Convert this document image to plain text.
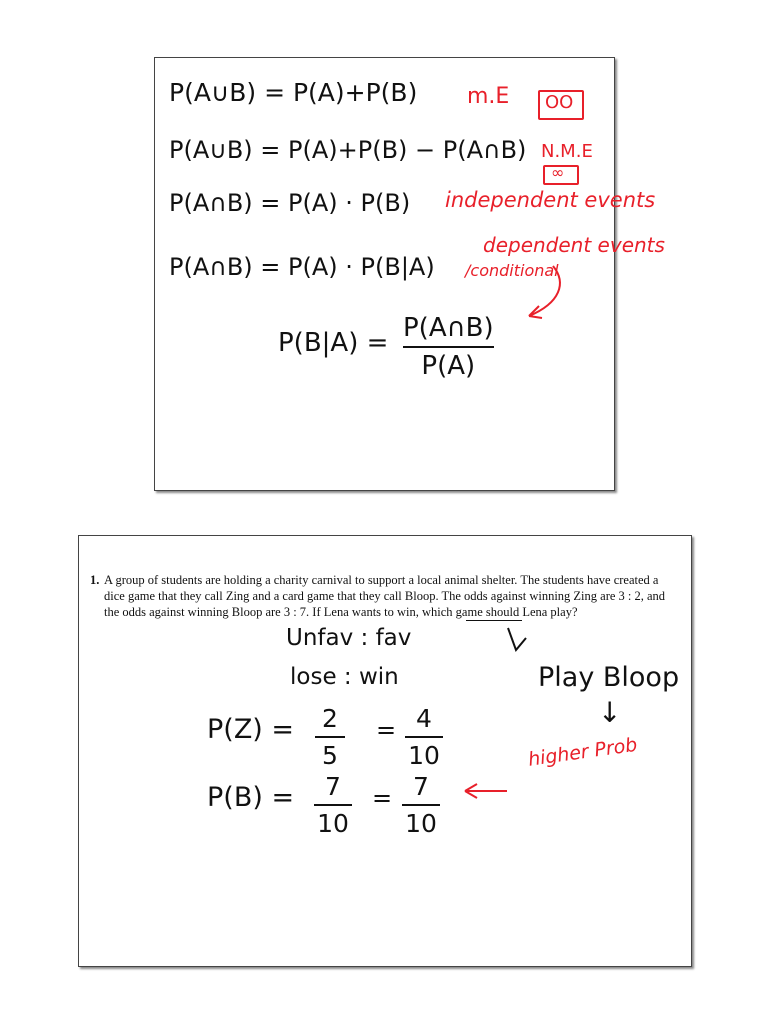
P(A∪B) = P(A)+P(B) m.E OO
P(A∪B) = P(A)+P(B) − P(A∩B) N.M.E
∞
P(A∩B) = P(A) · P(B) independent events
P(A∩B) = P(A) · P(B|A)
dependent events
/conditional
P(B|A) = P(A∩B)
P(A)
1. A group of students are holding a charity carnival to support a local animal shelter. The students have created a dice game that they call Zing and a card game that they call Bloop. The odds against winning Zing are 3 : 2, and the odds against winning Bloop are 3 : 7. If Lena wants to win, which game should Lena play?
Unfav : fav
lose : win	Play Bloop
↓
higher Prob
P(Z) = 2
5
= 4
10
P(B) =	7
10
= 7
10
